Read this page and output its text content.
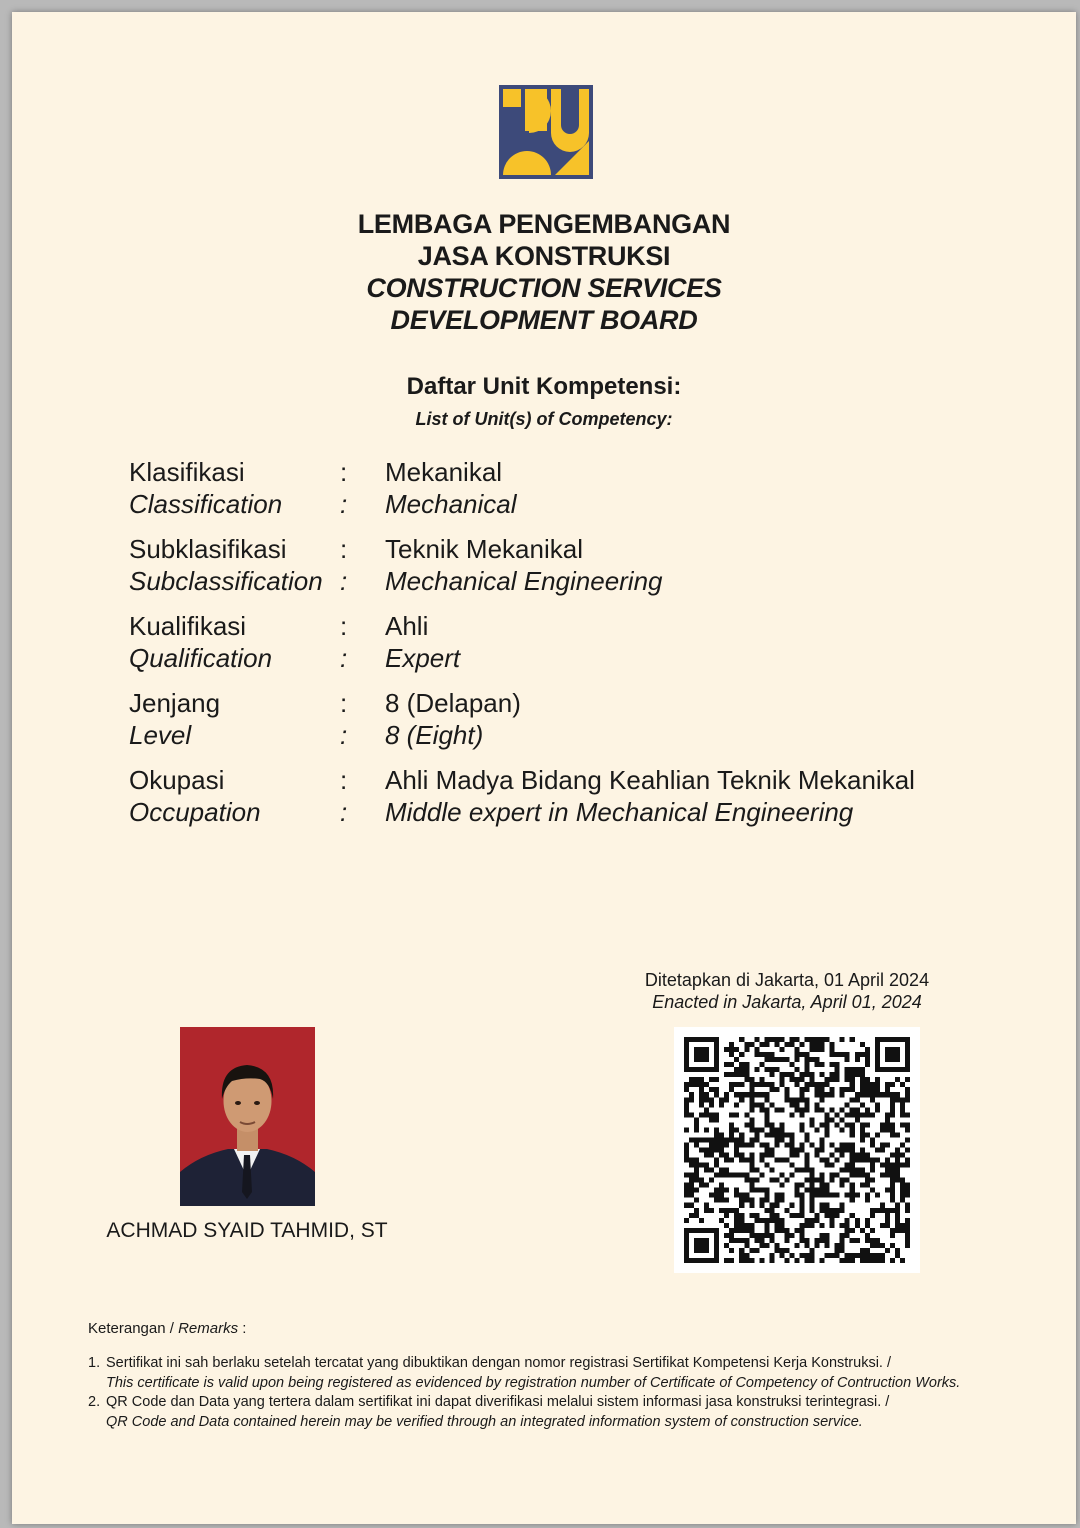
LEMBAGA PENGEMBANGAN
JASA KONSTRUKSI
CONSTRUCTION SERVICES
DEVELOPMENT BOARD
Daftar Unit Kompetensi:
List of Unit(s) of Competency:
Klasifikasi	: Mekanikal
Classification : Mechanical
Subklasifikasi : Teknik Mekanikal
Subclassification : Mechanical Engineering
Kualifikasi	: Ahli
Qualification	: Expert
Jenjang	: 8 (Delapan)
Level	: 8 (Eight)
Okupasi	: Ahli Madya Bidang Keahlian Teknik Mekanikal
Occupation	: Middle expert in Mechanical Engineering
Ditetapkan di Jakarta, 01 April 2024
Enacted in Jakarta, April 01, 2024
ACHMAD SYAID TAHMID, ST
Keterangan / Remarks :
1. Sertifikat ini sah berlaku setelah tercatat yang dibuktikan dengan nomor registrasi Sertifikat Kompetensi Kerja Konstruksi. /
This certificate is valid upon being registered as evidenced by registration number of Certificate of Competency of Contruction Works.
2. QR Code dan Data yang tertera dalam sertifikat ini dapat diverifikasi melalui sistem informasi jasa konstruksi terintegrasi. /
QR Code and Data contained herein may be verified through an integrated information system of construction service.
